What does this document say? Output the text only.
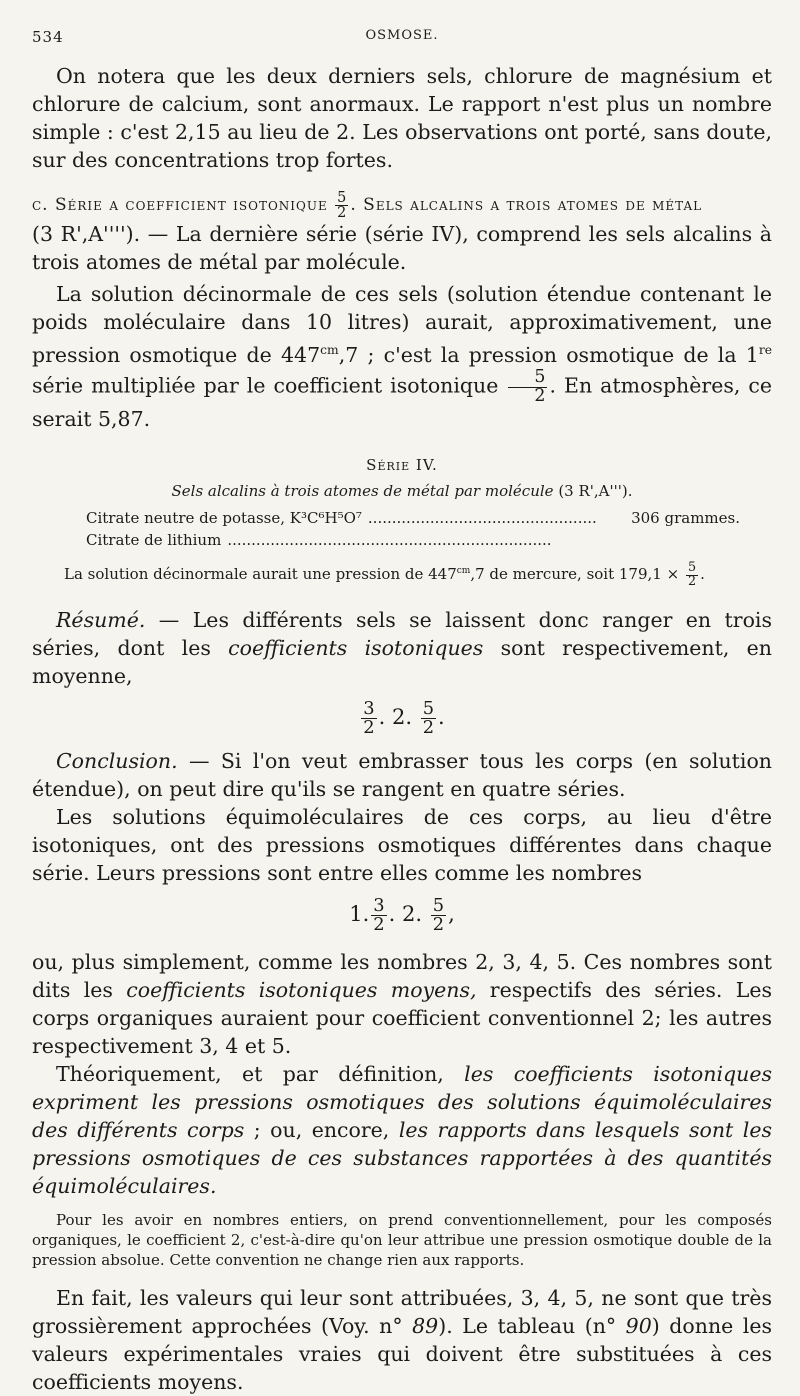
534	OSMOSE.

On notera que les deux derniers sels, chlorure de magnésium et chlorure de calcium, sont anormaux. Le rapport n'est plus un nombre simple : c'est 2,15 au lieu de 2. Les observations ont porté, sans doute, sur des concentrations trop fortes.

c. Série a coefficient isotonique $\frac{5}{2}$ . Sels alcalins a trois atomes de métal

(3 R',A''''). — La dernière série (série IV), comprend les sels alcalins à trois atomes de métal par molécule.

La solution décinormale de ces sels (solution étendue contenant le poids moléculaire dans 10 litres) aurait, approximativement, une pression osmotique de $447^{cm},7$ ; c'est la pression osmotique de la 1re série multipliée par le coefficient isotonique $\frac{5}{2}$ . En atmosphères, ce serait 5,87.

Série IV.

Sels alcalins à trois atomes de métal par molécule (3 R',A''').

Citrate neutre de potasse, K³C⁶H⁵O⁷ ................................................	306 grammes.
Citrate de lithium ....................................................................

La solution décinormale aurait une pression de $447^{cm},7$ de mercure, soit $179,1 \times \frac{5}{2}$ .

Résumé. — Les différents sels se laissent donc ranger en trois séries, dont les coefficients isotoniques sont respectivement, en moyenne,

$\frac{3}{2}$ . 2. $\frac{5}{2}$ .

Conclusion. — Si l'on veut embrasser tous les corps (en solution étendue), on peut dire qu'ils se rangent en quatre séries.

Les solutions équimoléculaires de ces corps, au lieu d'être isotoniques, ont des pressions osmotiques différentes dans chaque série. Leurs pressions sont entre elles comme les nombres

1. $\frac{3}{2}$ . 2. $\frac{5}{2}$ ,

ou, plus simplement, comme les nombres 2, 3, 4, 5. Ces nombres sont dits les coefficients isotoniques moyens, respectifs des séries. Les corps organiques auraient pour coefficient conventionnel 2; les autres respectivement 3, 4 et 5.

Théoriquement, et par définition, les coefficients isotoniques expriment les pressions osmotiques des solutions équimoléculaires des différents corps ; ou, encore, les rapports dans lesquels sont les pressions osmotiques de ces substances rapportées à des quantités équimoléculaires.

Pour les avoir en nombres entiers, on prend conventionnellement, pour les composés organiques, le coefficient 2, c'est-à-dire qu'on leur attribue une pression osmotique double de la pression absolue. Cette convention ne change rien aux rapports.

En fait, les valeurs qui leur sont attribuées, 3, 4, 5, ne sont que très grossièrement approchées (Voy. n° 89). Le tableau (n° 90) donne les valeurs expérimentales vraies qui doivent être substituées à ces coefficients moyens.
